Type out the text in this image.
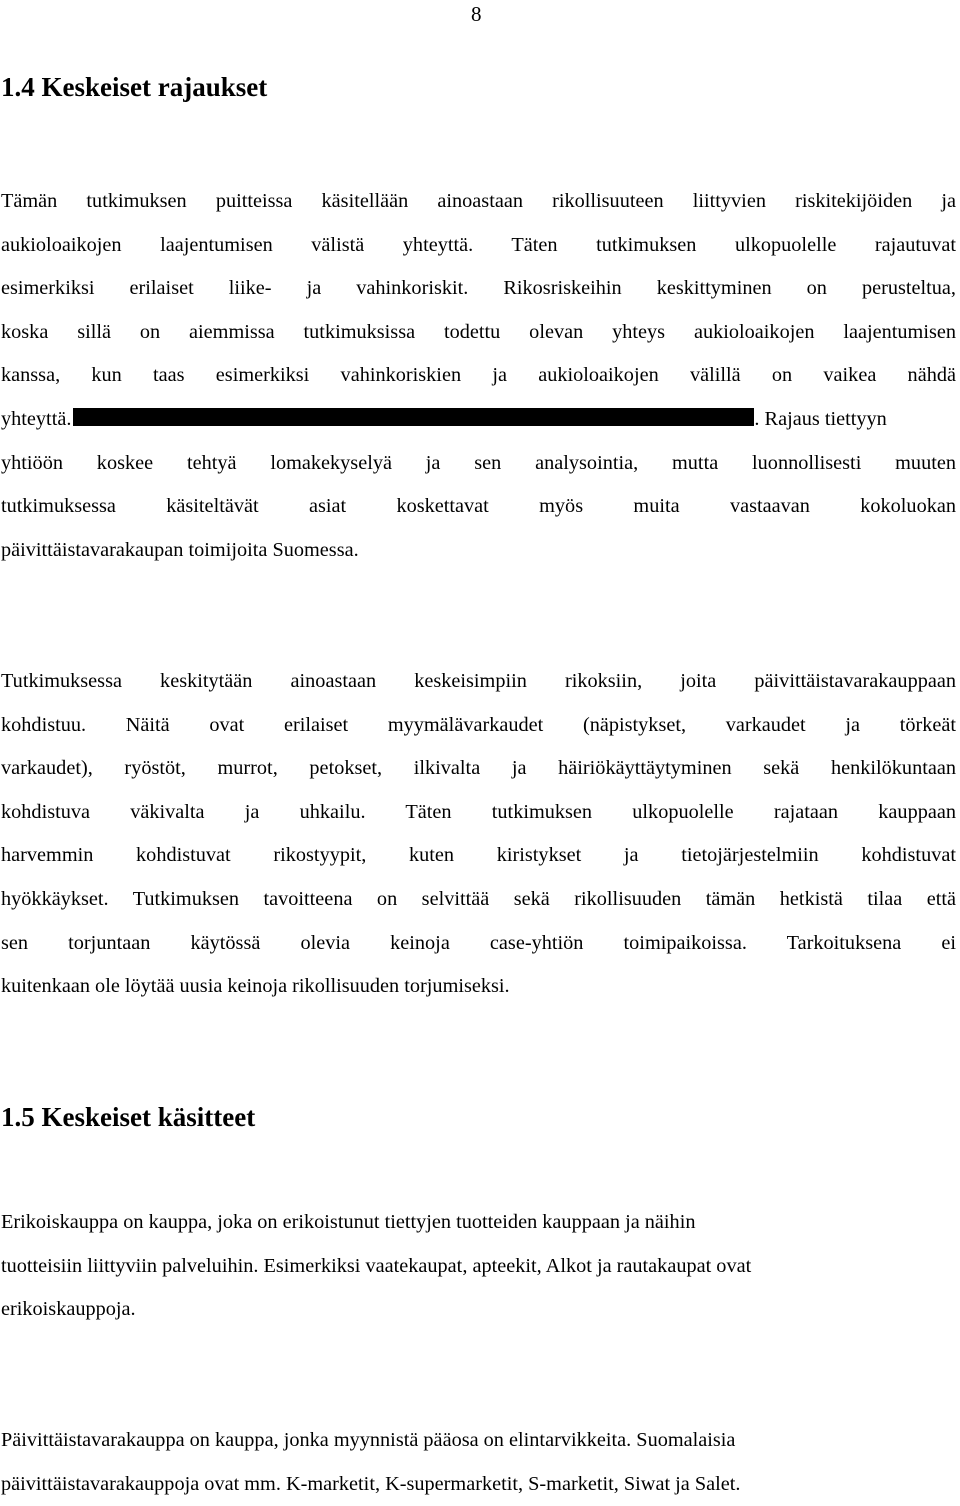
8
1.4 Keskeiset rajaukset
Tämän tutkimuksen puitteissa käsitellään ainoastaan rikollisuuteen liittyvien riskitekijöiden ja
aukioloaikojen laajentumisen välistä yhteyttä. Täten tutkimuksen ulkopuolelle rajautuvat
esimerkiksi erilaiset liike- ja vahinkoriskit. Rikosriskeihin keskittyminen on perusteltua,
koska sillä on aiemmissa tutkimuksissa todettu olevan yhteys aukioloaikojen laajentumisen
kanssa, kun taas esimerkiksi vahinkoriskien ja aukioloaikojen välillä on vaikea nähdä
yhteyttä.	. Rajaus tiettyyn
yhtiöön koskee tehtyä lomakekyselyä ja sen analysointia, mutta luonnollisesti muuten
tutkimuksessa käsiteltävät asiat koskettavat myös muita vastaavan kokoluokan
päivittäistavarakaupan toimijoita Suomessa.
Tutkimuksessa keskitytään ainoastaan keskeisimpiin rikoksiin, joita päivittäistavarakauppaan
kohdistuu. Näitä ovat erilaiset myymälävarkaudet (näpistykset, varkaudet ja törkeät
varkaudet), ryöstöt, murrot, petokset, ilkivalta ja häiriökäyttäytyminen sekä henkilökuntaan
kohdistuva väkivalta ja uhkailu. Täten tutkimuksen ulkopuolelle rajataan kauppaan
harvemmin kohdistuvat rikostyypit, kuten kiristykset ja tietojärjestelmiin kohdistuvat
hyökkäykset. Tutkimuksen tavoitteena on selvittää sekä rikollisuuden tämän hetkistä tilaa että
sen torjuntaan käytössä olevia keinoja case-yhtiön toimipaikoissa. Tarkoituksena ei
kuitenkaan ole löytää uusia keinoja rikollisuuden torjumiseksi.
1.5 Keskeiset käsitteet
Erikoiskauppa on kauppa, joka on erikoistunut tiettyjen tuotteiden kauppaan ja näihin
tuotteisiin liittyviin palveluihin. Esimerkiksi vaatekaupat, apteekit, Alkot ja rautakaupat ovat
erikoiskauppoja.
Päivittäistavarakauppa on kauppa, jonka myynnistä pääosa on elintarvikkeita. Suomalaisia
päivittäistavarakauppoja ovat mm. K-marketit, K-supermarketit, S-marketit, Siwat ja Salet.
